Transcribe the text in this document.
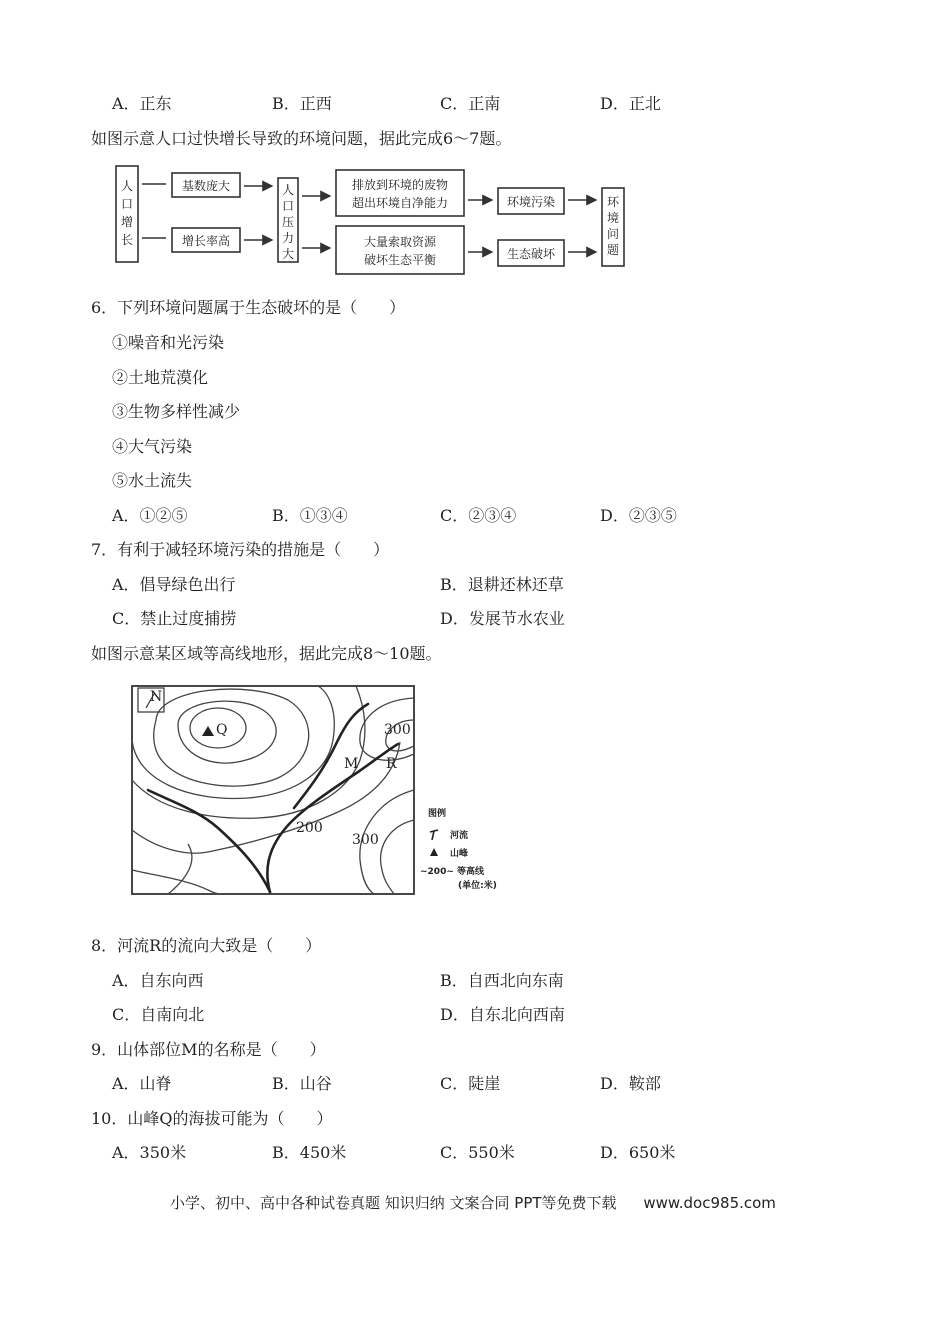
A．正东	B．正西	C．正南	D．正北
如图示意人口过快增长导致的环境问题，据此完成6～7题。
人
口
增
长
基数庞大
增长率高
人
口
压
力
大
排放到环境的废物
超出环境自净能力
大量索取资源
破坏生态平衡
环境污染
生态破坏
环
境
问
题
6．下列环境问题属于生态破坏的是（　　）
①噪音和光污染
②土地荒漠化
③生物多样性减少
④大气污染
⑤水土流失
A．①②⑤	B．①③④	C．②③④	D．②③⑤
7．有利于减轻环境污染的措施是（　　）
A．倡导绿色出行	B．退耕还林还草
C．禁止过度捕捞	D．发展节水农业
如图示意某区域等高线地形，据此完成8～10题。
N
Q
M R
300
200
300
图例
河流
山峰
~200~ 等高线
(单位:米)
8．河流R的流向大致是（　　）
A．自东向西	B．自西北向东南
C．自南向北	D．自东北向西南
9．山体部位M的名称是（　　）
A．山脊	B．山谷	C．陡崖	D．鞍部
10．山峰Q的海拔可能为（　　）
A．350米	B．450米	C．550米	D．650米
小学、初中、高中各种试卷真题 知识归纳 文案合同 PPT等免费下载 www.doc985.com
